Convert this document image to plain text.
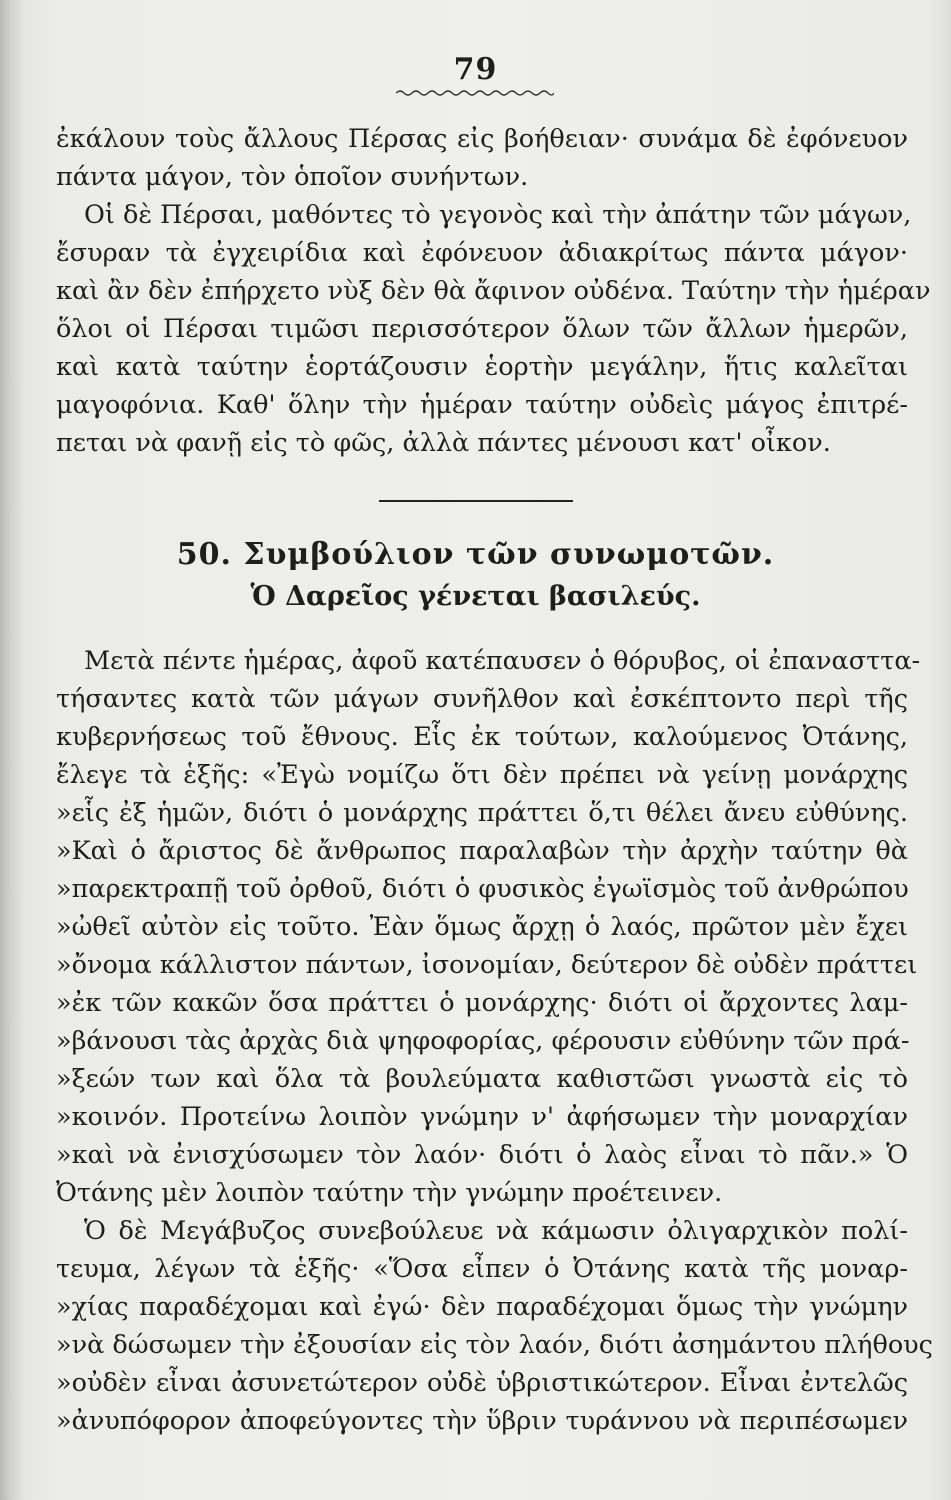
79
ἐκάλουν τοὺς ἄλλους Πέρσας εἰς βοήθειαν· συνάμα δὲ ἐφόνευον
πάντα μάγον, τὸν ὁποῖον συνήντων.
Οἱ δὲ Πέρσαι, μαθόντες τὸ γεγονὸς καὶ τὴν ἀπάτην τῶν μάγων,
ἔσυραν τὰ ἐγχειρίδια καὶ ἐφόνευον ἀδιακρίτως πάντα μάγον·
καὶ ἂν δὲν ἐπήρχετο νὺξ δὲν θὰ ἄφινον οὐδένα. Ταύτην τὴν ἡμέραν
ὅλοι οἱ Πέρσαι τιμῶσι περισσότερον ὅλων τῶν ἄλλων ἡμερῶν,
καὶ κατὰ ταύτην ἑορτάζουσιν ἑορτὴν μεγάλην, ἥτις καλεῖται
μαγοφόνια. Καθ' ὅλην τὴν ἡμέραν ταύτην οὐδεὶς μάγος ἐπιτρέ-
πεται νὰ φανῇ εἰς τὸ φῶς, ἀλλὰ πάντες μένουσι κατ' οἶκον.
50. Συμβούλιον τῶν συνωμοτῶν.
Ὁ Δαρεῖος γένεται βασιλεύς.
Μετὰ πέντε ἡμέρας, ἀφοῦ κατέπαυσεν ὁ θόρυβος, οἱ ἐπανασττα-
τήσαντες κατὰ τῶν μάγων συνῆλθον καὶ ἐσκέπτοντο περὶ τῆς
κυβερνήσεως τοῦ ἔθνους. Εἷς ἐκ τούτων, καλούμενος Ὀτάνης,
ἔλεγε τὰ ἑξῆς: «Ἐγὼ νομίζω ὅτι δὲν πρέπει νὰ γείνῃ μονάρχης
»εἷς ἐξ ἡμῶν, διότι ὁ μονάρχης πράττει ὅ,τι θέλει ἄνευ εὐθύνης.
»Καὶ ὁ ἄριστος δὲ ἄνθρωπος παραλαβὼν τὴν ἀρχὴν ταύτην θὰ
»παρεκτραπῇ τοῦ ὀρθοῦ, διότι ὁ φυσικὸς ἐγωϊσμὸς τοῦ ἀνθρώπου
»ὠθεῖ αὐτὸν εἰς τοῦτο. Ἐὰν ὅμως ἄρχῃ ὁ λαός, πρῶτον μὲν ἔχει
»ὄνομα κάλλιστον πάντων, ἰσονομίαν, δεύτερον δὲ οὐδὲν πράττει
»ἐκ τῶν κακῶν ὅσα πράττει ὁ μονάρχης· διότι οἱ ἄρχοντες λαμ-
»βάνουσι τὰς ἀρχὰς διὰ ψηφοφορίας, φέρουσιν εὐθύνην τῶν πρά-
»ξεών των καὶ ὅλα τὰ βουλεύματα καθιστῶσι γνωστὰ εἰς τὸ
»κοινόν. Προτείνω λοιπὸν γνώμην ν' ἀφήσωμεν τὴν μοναρχίαν
»καὶ νὰ ἐνισχύσωμεν τὸν λαόν· διότι ὁ λαὸς εἶναι τὸ πᾶν.» Ὁ
Ὀτάνης μὲν λοιπὸν ταύτην τὴν γνώμην προέτεινεν.
Ὁ δὲ Μεγάβυζος συνεβούλευε νὰ κάμωσιν ὀλιγαρχικὸν πολί-
τευμα, λέγων τὰ ἑξῆς· «Ὅσα εἶπεν ὁ Ὀτάνης κατὰ τῆς μοναρ-
»χίας παραδέχομαι καὶ ἐγώ· δὲν παραδέχομαι ὅμως τὴν γνώμην
»νὰ δώσωμεν τὴν ἐξουσίαν εἰς τὸν λαόν, διότι ἀσημάντου πλήθους
»οὐδὲν εἶναι ἀσυνετώτερον οὐδὲ ὑβριστικώτερον. Εἶναι ἐντελῶς
»ἀνυπόφορον ἀποφεύγοντες τὴν ὕβριν τυράννου νὰ περιπέσωμεν
